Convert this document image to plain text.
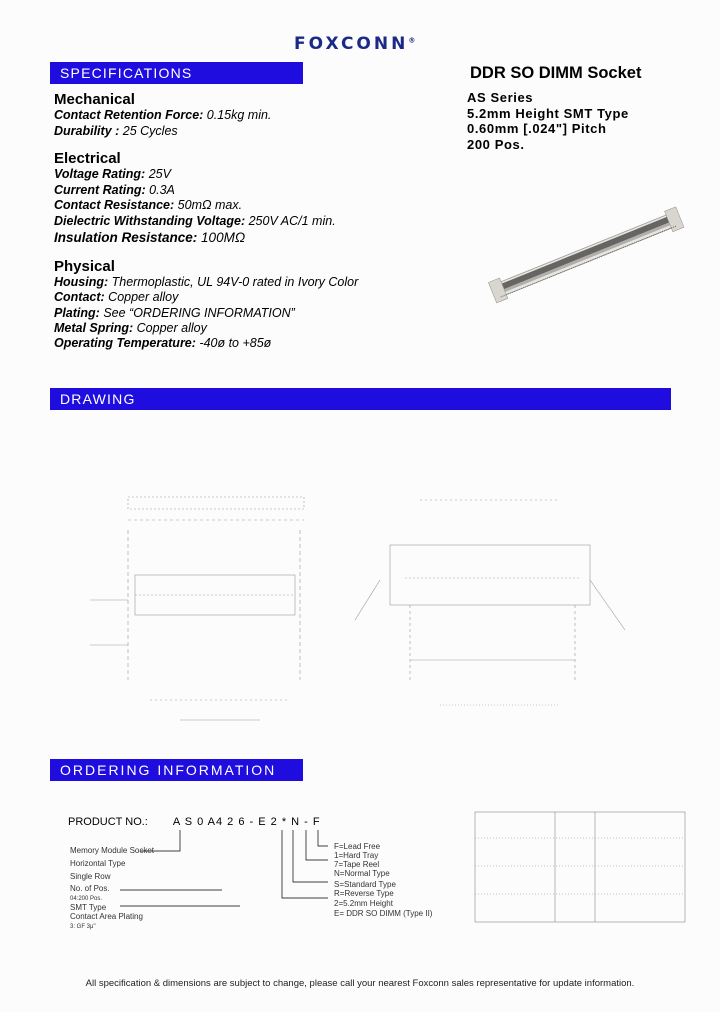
FOXCONN®
SPECIFICATIONS	DDR SO DIMM Socket
AS Series
5.2mm Height SMT Type
0.60mm [.024"] Pitch
200 Pos.
Mechanical
Contact Retention Force: 0.15kg min.
Durability : 25 Cycles
Electrical
Voltage Rating: 25V
Current Rating: 0.3A
Contact Resistance: 50mΩ max.
Dielectric Withstanding Voltage: 250V AC/1 min.
Insulation Resistance: 100MΩ
Physical
Housing: Thermoplastic, UL 94V-0 rated in Ivory Color
Contact: Copper alloy
Plating: See “ORDERING INFORMATION”
Metal Spring: Copper alloy
Operating Temperature: -40ø to +85ø
DRAWING
ORDERING INFORMATION
PRODUCT NO.: A S 0 A4 2 6 - E 2 * N - F
Memory Module Socket
Horizontal Type
Single Row
No. of Pos.
04:200 Pos.
SMT Type
Contact Area Plating
3: GF 3μ"
F=Lead Free
1=Hard Tray
7=Tape Reel
N=Normal Type
S=Standard Type
R=Reverse Type
2=5.2mm Height
E= DDR SO DIMM (Type II)
All specification & dimensions are subject to change, please call your nearest Foxconn sales representative for update information.
